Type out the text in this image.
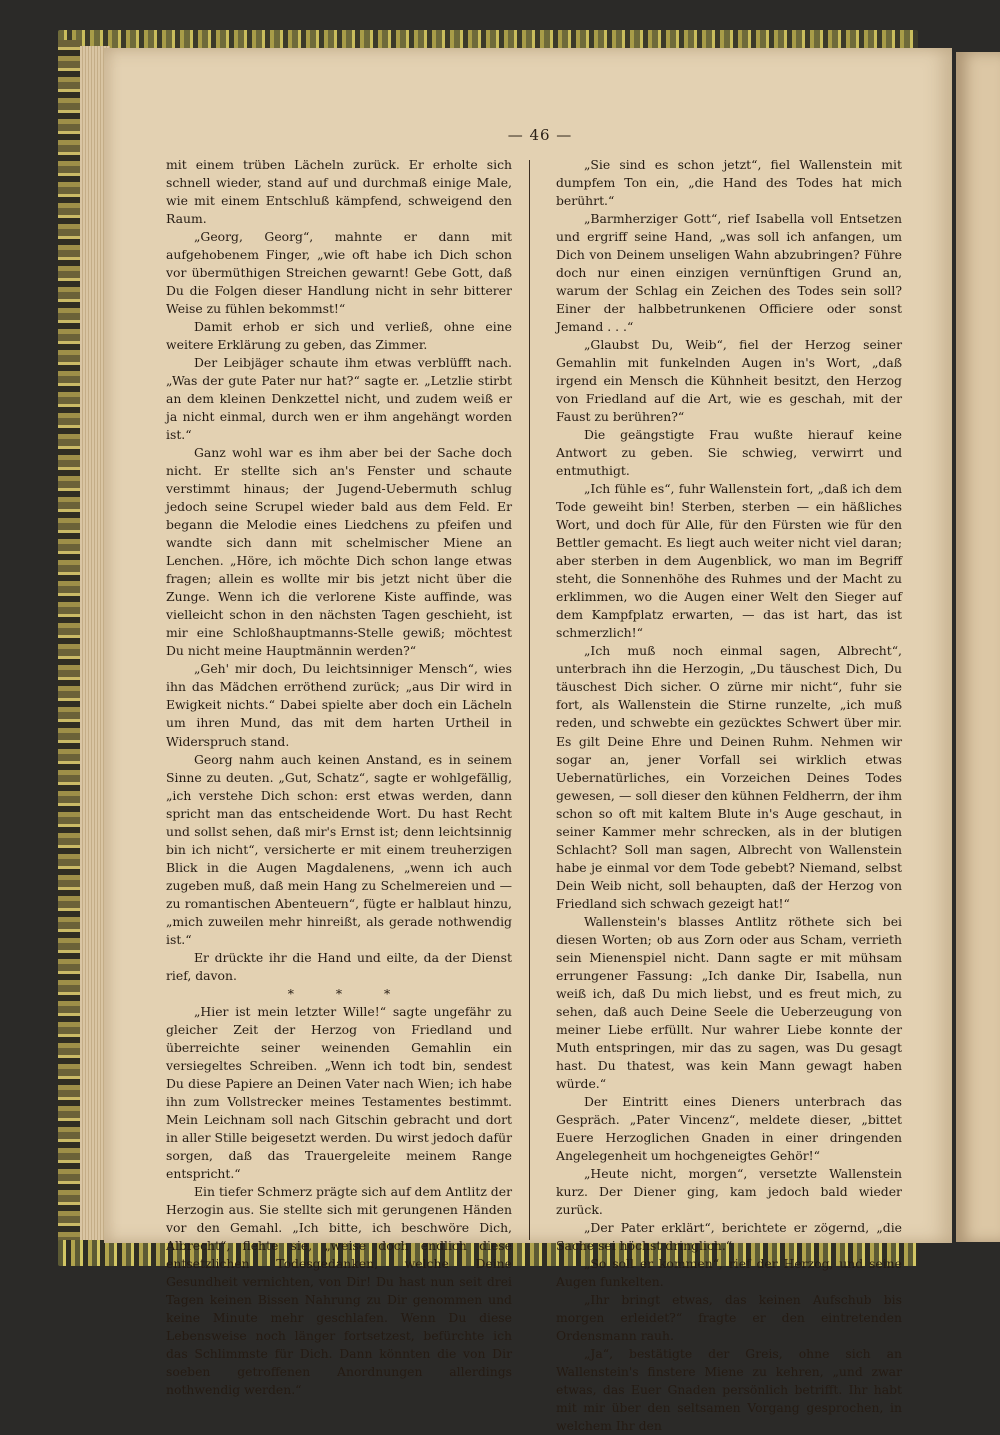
— 46 —

mit einem trüben Lächeln zurück. Er erholte sich schnell wieder, stand auf und durchmaß einige Male, wie mit einem Entschluß kämpfend, schweigend den Raum.

„Georg, Georg“, mahnte er dann mit aufgehobenem Finger, „wie oft habe ich Dich schon vor übermüthigen Streichen gewarnt! Gebe Gott, daß Du die Folgen dieser Handlung nicht in sehr bitterer Weise zu fühlen bekommst!“

Damit erhob er sich und verließ, ohne eine weitere Erklärung zu geben, das Zimmer.

Der Leibjäger schaute ihm etwas verblüfft nach. „Was der gute Pater nur hat?“ sagte er. „Letzlie stirbt an dem kleinen Denkzettel nicht, und zudem weiß er ja nicht einmal, durch wen er ihm angehängt worden ist.“

Ganz wohl war es ihm aber bei der Sache doch nicht. Er stellte sich an's Fenster und schaute verstimmt hinaus; der Jugend-Uebermuth schlug jedoch seine Scrupel wieder bald aus dem Feld. Er begann die Melodie eines Liedchens zu pfeifen und wandte sich dann mit schelmischer Miene an Lenchen. „Höre, ich möchte Dich schon lange etwas fragen; allein es wollte mir bis jetzt nicht über die Zunge. Wenn ich die verlorene Kiste auffinde, was vielleicht schon in den nächsten Tagen geschieht, ist mir eine Schloßhauptmanns-Stelle gewiß; möchtest Du nicht meine Hauptmännin werden?“

„Geh' mir doch, Du leichtsinniger Mensch“, wies ihn das Mädchen erröthend zurück; „aus Dir wird in Ewigkeit nichts.“ Dabei spielte aber doch ein Lächeln um ihren Mund, das mit dem harten Urtheil in Widerspruch stand.

Georg nahm auch keinen Anstand, es in seinem Sinne zu deuten. „Gut, Schatz“, sagte er wohlgefällig, „ich verstehe Dich schon: erst etwas werden, dann spricht man das entscheidende Wort. Du hast Recht und sollst sehen, daß mir's Ernst ist; denn leichtsinnig bin ich nicht“, versicherte er mit einem treuherzigen Blick in die Augen Magdalenens, „wenn ich auch zugeben muß, daß mein Hang zu Schelmereien und — zu romantischen Abenteuern“, fügte er halblaut hinzu, „mich zuweilen mehr hinreißt, als gerade nothwendig ist.“

Er drückte ihr die Hand und eilte, da der Dienst rief, davon.

* * *

„Hier ist mein letzter Wille!“ sagte ungefähr zu gleicher Zeit der Herzog von Friedland und überreichte seiner weinenden Gemahlin ein versiegeltes Schreiben. „Wenn ich todt bin, sendest Du diese Papiere an Deinen Vater nach Wien; ich habe ihn zum Vollstrecker meines Testamentes bestimmt. Mein Leichnam soll nach Gitschin gebracht und dort in aller Stille beigesetzt werden. Du wirst jedoch dafür sorgen, daß das Trauergeleite meinem Range entspricht.“

Ein tiefer Schmerz prägte sich auf dem Antlitz der Herzogin aus. Sie stellte sich mit gerungenen Händen vor den Gemahl. „Ich bitte, ich beschwöre Dich, Albrecht“, flehte sie, „weise doch endlich diese entsetzlichen Todesgedanken, welche Deine Gesundheit vernichten, von Dir! Du hast nun seit drei Tagen keinen Bissen Nahrung zu Dir genommen und keine Minute mehr geschlafen. Wenn Du diese Lebensweise noch länger fortsetzest, befürchte ich das Schlimmste für Dich. Dann könnten die von Dir soeben getroffenen Anordnungen allerdings nothwendig werden.“

„Sie sind es schon jetzt“, fiel Wallenstein mit dumpfem Ton ein, „die Hand des Todes hat mich berührt.“

„Barmherziger Gott“, rief Isabella voll Entsetzen und ergriff seine Hand, „was soll ich anfangen, um Dich von Deinem unseligen Wahn abzubringen? Führe doch nur einen einzigen vernünftigen Grund an, warum der Schlag ein Zeichen des Todes sein soll? Einer der halbbetrunkenen Officiere oder sonst Jemand . . .“

„Glaubst Du, Weib“, fiel der Herzog seiner Gemahlin mit funkelnden Augen in's Wort, „daß irgend ein Mensch die Kühnheit besitzt, den Herzog von Friedland auf die Art, wie es geschah, mit der Faust zu berühren?“

Die geängstigte Frau wußte hierauf keine Antwort zu geben. Sie schwieg, verwirrt und entmuthigt.

„Ich fühle es“, fuhr Wallenstein fort, „daß ich dem Tode geweiht bin! Sterben, sterben — ein häßliches Wort, und doch für Alle, für den Fürsten wie für den Bettler gemacht. Es liegt auch weiter nicht viel daran; aber sterben in dem Augenblick, wo man im Begriff steht, die Sonnenhöhe des Ruhmes und der Macht zu erklimmen, wo die Augen einer Welt den Sieger auf dem Kampfplatz erwarten, — das ist hart, das ist schmerzlich!“

„Ich muß noch einmal sagen, Albrecht“, unterbrach ihn die Herzogin, „Du täuschest Dich, Du täuschest Dich sicher. O zürne mir nicht“, fuhr sie fort, als Wallenstein die Stirne runzelte, „ich muß reden, und schwebte ein gezücktes Schwert über mir. Es gilt Deine Ehre und Deinen Ruhm. Nehmen wir sogar an, jener Vorfall sei wirklich etwas Uebernatürliches, ein Vorzeichen Deines Todes gewesen, — soll dieser den kühnen Feldherrn, der ihm schon so oft mit kaltem Blute in's Auge geschaut, in seiner Kammer mehr schrecken, als in der blutigen Schlacht? Soll man sagen, Albrecht von Wallenstein habe je einmal vor dem Tode gebebt? Niemand, selbst Dein Weib nicht, soll behaupten, daß der Herzog von Friedland sich schwach gezeigt hat!“

Wallenstein's blasses Antlitz röthete sich bei diesen Worten; ob aus Zorn oder aus Scham, verrieth sein Mienenspiel nicht. Dann sagte er mit mühsam errungener Fassung: „Ich danke Dir, Isabella, nun weiß ich, daß Du mich liebst, und es freut mich, zu sehen, daß auch Deine Seele die Ueberzeugung von meiner Liebe erfüllt. Nur wahrer Liebe konnte der Muth entspringen, mir das zu sagen, was Du gesagt hast. Du thatest, was kein Mann gewagt haben würde.“

Der Eintritt eines Dieners unterbrach das Gespräch. „Pater Vincenz“, meldete dieser, „bittet Euere Herzoglichen Gnaden in einer dringenden Angelegenheit um hochgeneigtes Gehör!“

„Heute nicht, morgen“, versetzte Wallenstein kurz. Der Diener ging, kam jedoch bald wieder zurück.

„Der Pater erklärt“, berichtete er zögernd, „die Sache sei höchst dringlich.“

„So soll er kommen“, rief der Herzog, und seine Augen funkelten.

„Ihr bringt etwas, das keinen Aufschub bis morgen erleidet?“ fragte er den eintretenden Ordensmann rauh.

„Ja“, bestätigte der Greis, ohne sich an Wallenstein's finstere Miene zu kehren, „und zwar etwas, das Euer Gnaden persönlich betrifft. Ihr habt mit mir über den seltsamen Vorgang gesprochen, in welchem Ihr den
